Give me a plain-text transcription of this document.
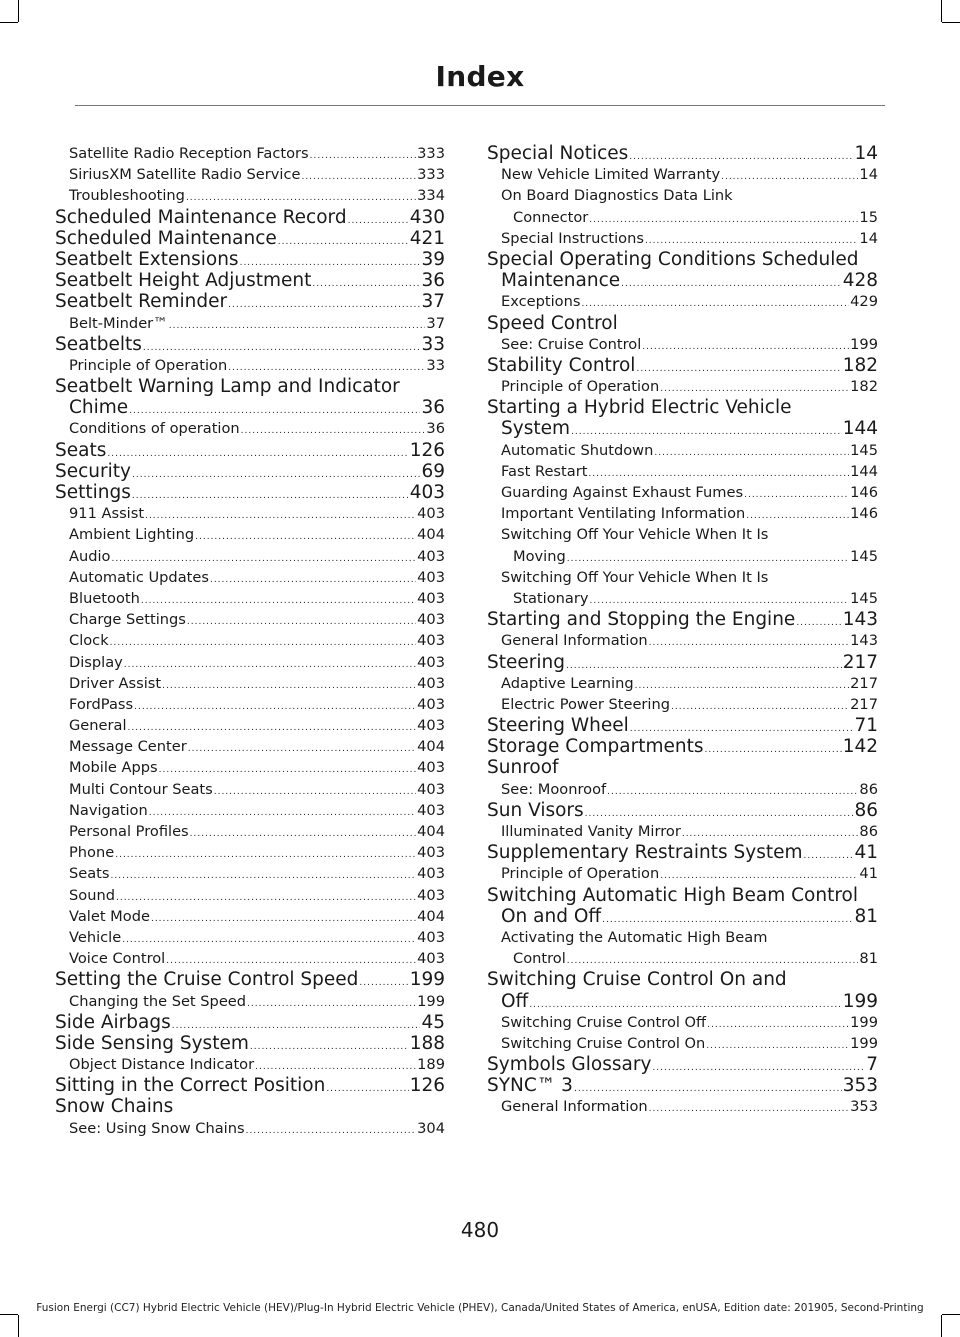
Index
Satellite Radio Reception Factors .....	333
SiriusXM Satellite Radio Service .....	333
Troubleshooting .....	334
Scheduled Maintenance Record .....	430
Scheduled Maintenance .....	421
Seatbelt Extensions .....	39
Seatbelt Height Adjustment .....	36
Seatbelt Reminder .....	37
Belt-Minder™ .....	37
Seatbelts .....	33
Principle of Operation .....	33
Seatbelt Warning Lamp and Indicator
Chime .....	36
Conditions of operation .....	36
Seats .....	126
Security .....	69
Settings .....	403
911 Assist .....	403
Ambient Lighting .....	404
Audio .....	403
Automatic Updates .....	403
Bluetooth .....	403
Charge Settings .....	403
Clock .....	403
Display .....	403
Driver Assist .....	403
FordPass .....	403
General .....	403
Message Center .....	404
Mobile Apps .....	403
Multi Contour Seats .....	403
Navigation .....	403
Personal Profiles .....	404
Phone .....	403
Seats .....	403
Sound .....	403
Valet Mode .....	404
Vehicle .....	403
Voice Control .....	403
Setting the Cruise Control Speed .....	199
Changing the Set Speed .....	199
Side Airbags .....	45
Side Sensing System .....	188
Object Distance Indicator .....	189
Sitting in the Correct Position .....	126
Snow Chains
See: Using Snow Chains .....	304
Special Notices .....	14
New Vehicle Limited Warranty .....	14
On Board Diagnostics Data Link
Connector .....	15
Special Instructions .....	14
Special Operating Conditions Scheduled
Maintenance .....	428
Exceptions .....	429
Speed Control
See: Cruise Control .....	199
Stability Control .....	182
Principle of Operation .....	182
Starting a Hybrid Electric Vehicle
System .....	144
Automatic Shutdown .....	145
Fast Restart .....	144
Guarding Against Exhaust Fumes .....	146
Important Ventilating Information .....	146
Switching Off Your Vehicle When It Is
Moving .....	145
Switching Off Your Vehicle When It Is
Stationary .....	145
Starting and Stopping the Engine .....	143
General Information .....	143
Steering .....	217
Adaptive Learning .....	217
Electric Power Steering .....	217
Steering Wheel .....	71
Storage Compartments .....	142
Sunroof
See: Moonroof .....	86
Sun Visors .....	86
Illuminated Vanity Mirror .....	86
Supplementary Restraints System .....	41
Principle of Operation .....	41
Switching Automatic High Beam Control
On and Off .....	81
Activating the Automatic High Beam
Control .....	81
Switching Cruise Control On and
Off .....	199
Switching Cruise Control Off .....	199
Switching Cruise Control On .....	199
Symbols Glossary .....	7
SYNC™ 3 .....	353
General Information .....	353
480
Fusion Energi (CC7) Hybrid Electric Vehicle (HEV)/Plug-In Hybrid Electric Vehicle (PHEV), Canada/United States of America, enUSA, Edition date: 201905, Second-Printing
